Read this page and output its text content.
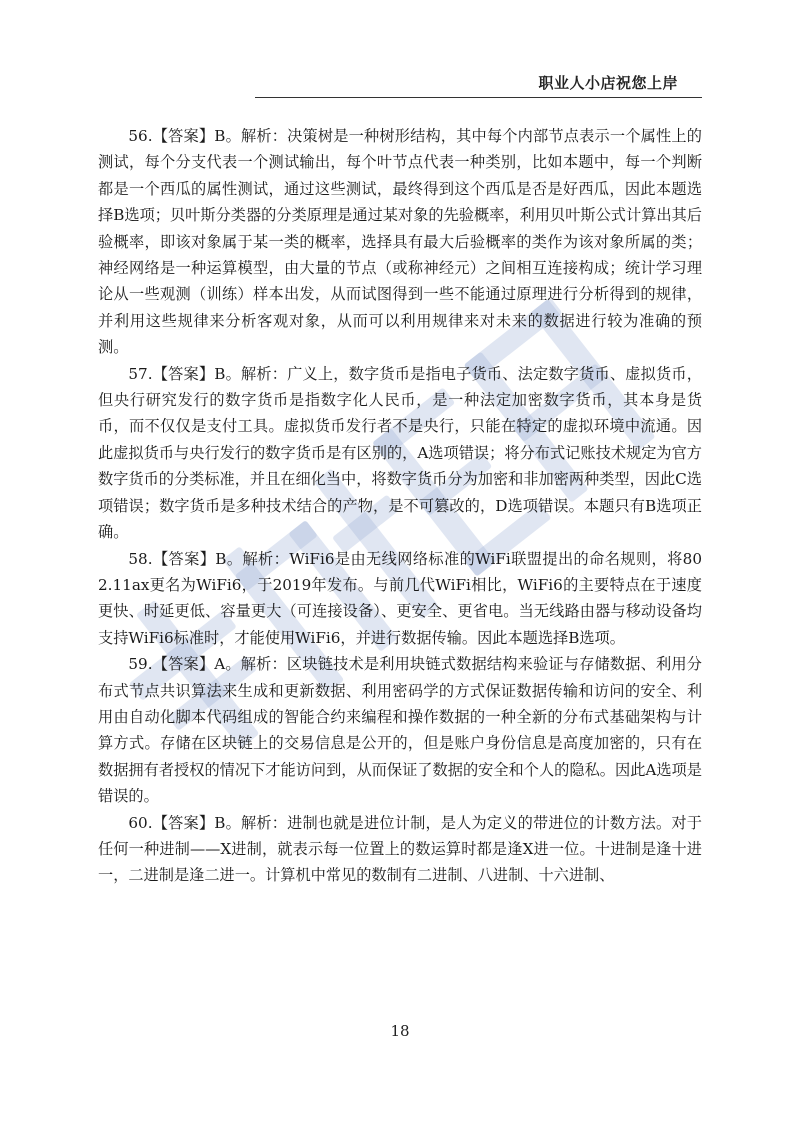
职业人小店祝您上岸

56.【答案】B。解析：决策树是一种树形结构，其中每个内部节点表示一个属性上的测试，每个分支代表一个测试输出，每个叶节点代表一种类别，比如本题中，每一个判断都是一个西瓜的属性测试，通过这些测试，最终得到这个西瓜是否是好西瓜，因此本题选择B选项；贝叶斯分类器的分类原理是通过某对象的先验概率，利用贝叶斯公式计算出其后验概率，即该对象属于某一类的概率，选择具有最大后验概率的类作为该对象所属的类；神经网络是一种运算模型，由大量的节点（或称神经元）之间相互连接构成；统计学习理论从一些观测（训练）样本出发，从而试图得到一些不能通过原理进行分析得到的规律，并利用这些规律来分析客观对象，从而可以利用规律来对未来的数据进行较为准确的预测。

57.【答案】B。解析：广义上，数字货币是指电子货币、法定数字货币、虚拟货币，但央行研究发行的数字货币是指数字化人民币，是一种法定加密数字货币，其本身是货币，而不仅仅是支付工具。虚拟货币发行者不是央行，只能在特定的虚拟环境中流通。因此虚拟货币与央行发行的数字货币是有区别的，A选项错误；将分布式记账技术规定为官方数字货币的分类标准，并且在细化当中，将数字货币分为加密和非加密两种类型，因此C选项错误；数字货币是多种技术结合的产物，是不可篡改的，D选项错误。本题只有B选项正确。

58.【答案】B。解析：WiFi6是由无线网络标准的WiFi联盟提出的命名规则，将802.11ax更名为WiFi6，于2019年发布。与前几代WiFi相比，WiFi6的主要特点在于速度更快、时延更低、容量更大（可连接设备）、更安全、更省电。当无线路由器与移动设备均支持WiFi6标准时，才能使用WiFi6，并进行数据传输。因此本题选择B选项。

59.【答案】A。解析：区块链技术是利用块链式数据结构来验证与存储数据、利用分布式节点共识算法来生成和更新数据、利用密码学的方式保证数据传输和访问的安全、利用由自动化脚本代码组成的智能合约来编程和操作数据的一种全新的分布式基础架构与计算方式。存储在区块链上的交易信息是公开的，但是账户身份信息是高度加密的，只有在数据拥有者授权的情况下才能访问到，从而保证了数据的安全和个人的隐私。因此A选项是错误的。

60.【答案】B。解析：进制也就是进位计制，是人为定义的带进位的计数方法。对于任何一种进制——X进制，就表示每一位置上的数运算时都是逢X进一位。十进制是逢十进一，二进制是逢二进一。计算机中常见的数制有二进制、八进制、十六进制、

18
